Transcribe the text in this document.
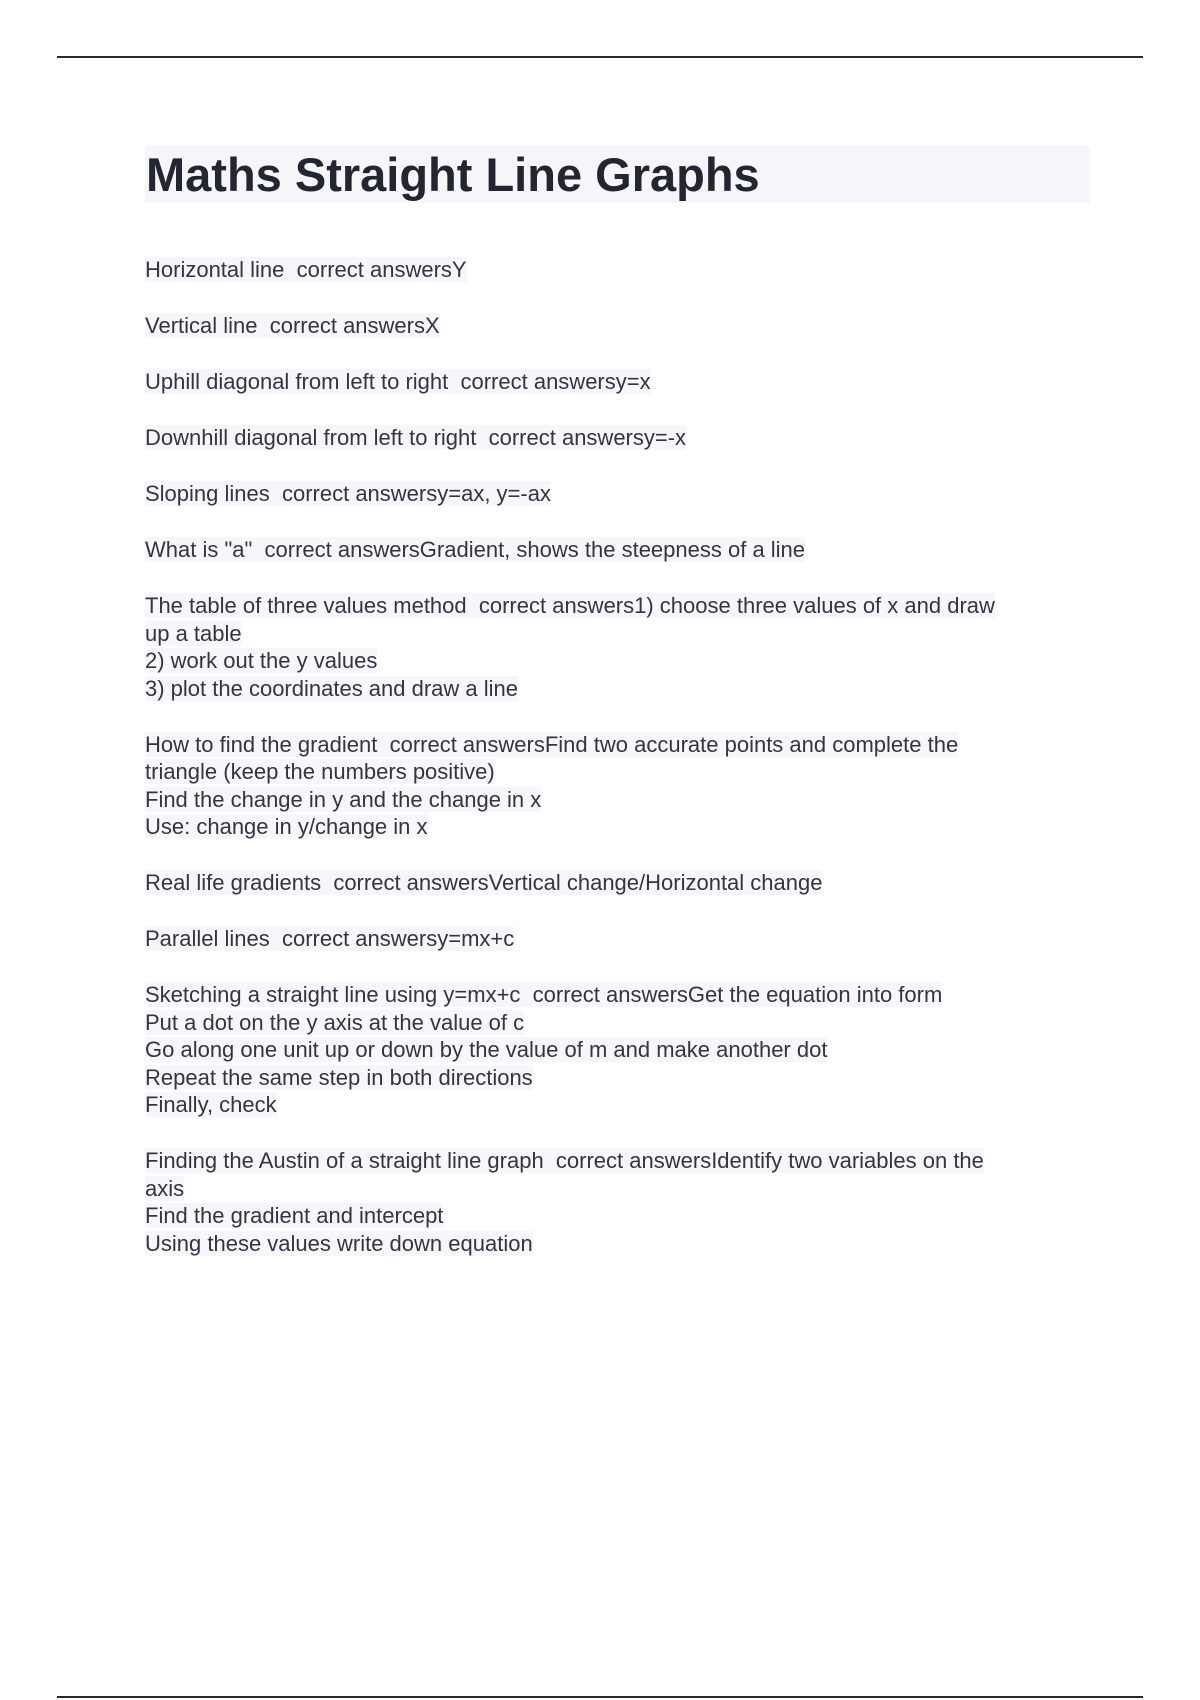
Maths Straight Line Graphs
Horizontal line  correct answersY
Vertical line  correct answersX
Uphill diagonal from left to right  correct answersy=x
Downhill diagonal from left to right  correct answersy=-x
Sloping lines  correct answersy=ax, y=-ax
What is "a"  correct answersGradient, shows the steepness of a line
The table of three values method  correct answers1) choose three values of x and draw
up a table
2) work out the y values
3) plot the coordinates and draw a line
How to find the gradient  correct answersFind two accurate points and complete the
triangle (keep the numbers positive)
Find the change in y and the change in x
Use: change in y/change in x
Real life gradients  correct answersVertical change/Horizontal change
Parallel lines  correct answersy=mx+c
Sketching a straight line using y=mx+c  correct answersGet the equation into form
Put a dot on the y axis at the value of c
Go along one unit up or down by the value of m and make another dot
Repeat the same step in both directions
Finally, check
Finding the Austin of a straight line graph  correct answersIdentify two variables on the
axis
Find the gradient and intercept
Using these values write down equation
